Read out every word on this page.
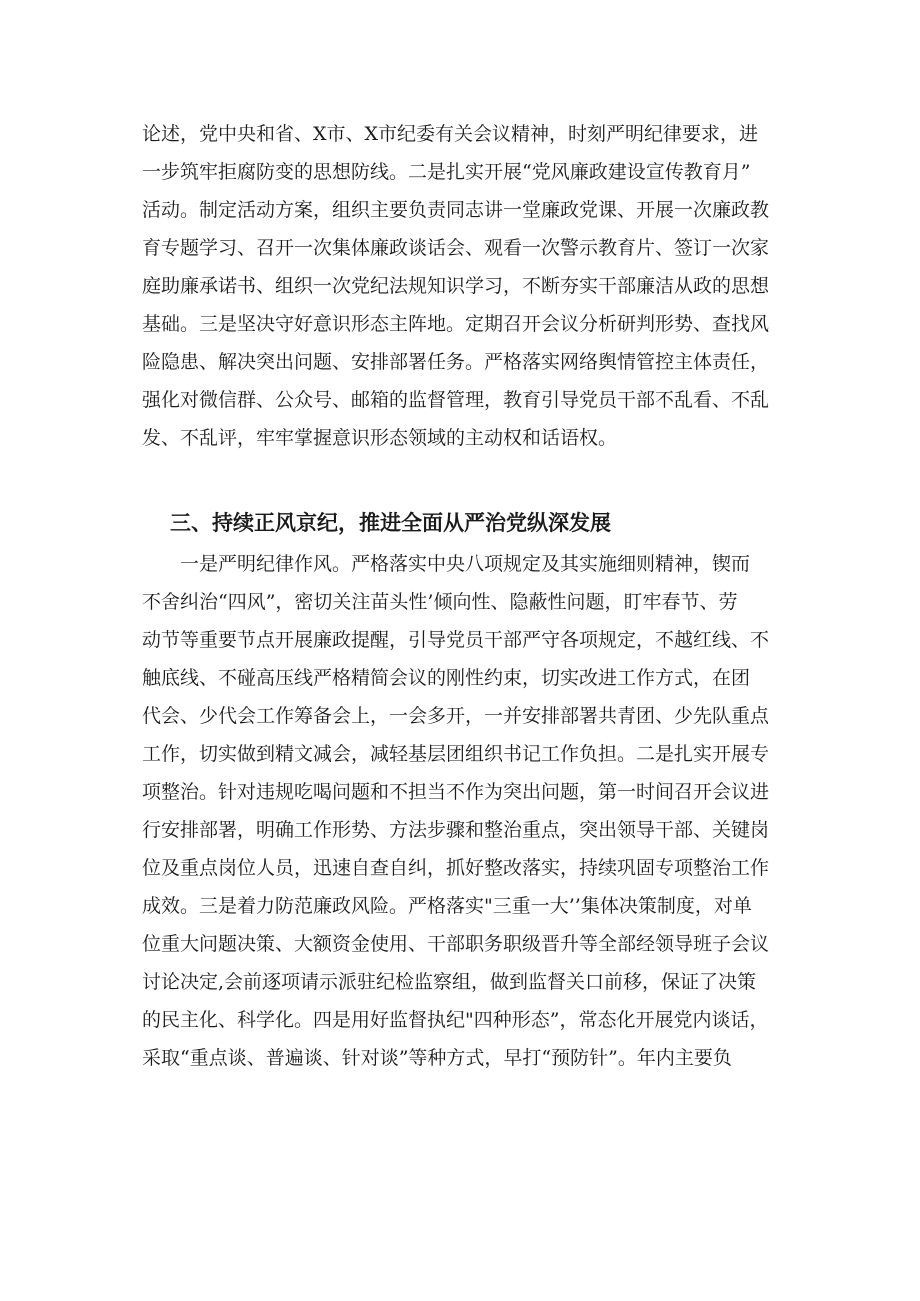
论述，党中央和省、X市、X市纪委有关会议精神，时刻严明纪律要求，进
一步筑牢拒腐防变的思想防线。二是扎实开展“党风廉政建设宣传教育月”
活动。制定活动方案，组织主要负责同志讲一堂廉政党课、开展一次廉政教
育专题学习、召开一次集体廉政谈话会、观看一次警示教育片、签订一次家
庭助廉承诺书、组织一次党纪法规知识学习，不断夯实干部廉洁从政的思想
基础。三是坚决守好意识形态主阵地。定期召开会议分析研判形势、查找风
险隐患、解决突出问题、安排部署任务。严格落实网络舆情管控主体责任，
强化对微信群、公众号、邮箱的监督管理，教育引导党员干部不乱看、不乱
发、不乱评，牢牢掌握意识形态领域的主动权和话语权。
三、持续正风京纪，推进全面从严治党纵深发展
一是严明纪律作风。严格落实中央八项规定及其实施细则精神，锲而
不舍纠治“四风”，密切关注苗头性’倾向性、隐蔽性问题，盯牢春节、劳
动节等重要节点开展廉政提醒，引导党员干部严守各项规定，不越红线、不
触底线、不碰高压线严格精简会议的刚性约束，切实改进工作方式，在团
代会、少代会工作筹备会上，一会多开，一并安排部署共青团、少先队重点
工作，切实做到精文减会，减轻基层团组织书记工作负担。二是扎实开展专
项整治。针对违规吃喝问题和不担当不作为突出问题，第一时间召开会议进
行安排部署，明确工作形势、方法步骤和整治重点，突出领导干部、关键岗
位及重点岗位人员，迅速自查自纠，抓好整改落实，持续巩固专项整治工作
成效。三是着力防范廉政风险。严格落实"三重一大’’集体决策制度，对单
位重大问题决策、大额资金使用、干部职务职级晋升等全部经领导班子会议
讨论决定,会前逐项请示派驻纪检监察组，做到监督关口前移，保证了决策
的民主化、科学化。四是用好监督执纪"四种形态”，常态化开展党内谈话，
采取“重点谈、普遍谈、针对谈”等种方式，早打“预防针”。年内主要负
